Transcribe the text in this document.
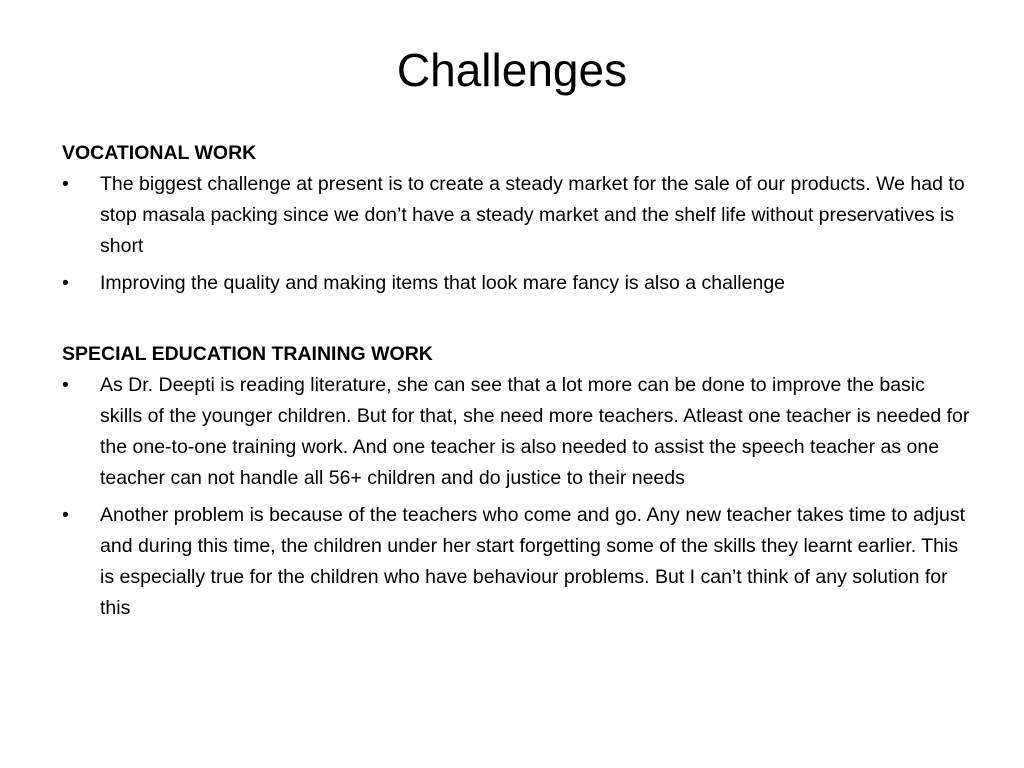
Challenges

VOCATIONAL WORK

• The biggest challenge at present is to create a steady market for the sale of our products. We had to stop masala packing since we don’t have a steady market and the shelf life without preservatives is short
• Improving the quality and making items that look mare fancy is also a challenge

SPECIAL EDUCATION TRAINING WORK

• As Dr. Deepti is reading literature, she can see that a lot more can be done to improve the basic skills of the younger children. But for that, she need more teachers. Atleast one teacher is needed for the one-to-one training work. And one teacher is also needed to assist the speech teacher as one teacher can not handle all 56+ children and do justice to their needs
• Another problem is because of the teachers who come and go. Any new teacher takes time to adjust and during this time, the children under her start forgetting some of the skills they learnt earlier. This is especially true for the children who have behaviour problems. But I can’t think of any solution for this
